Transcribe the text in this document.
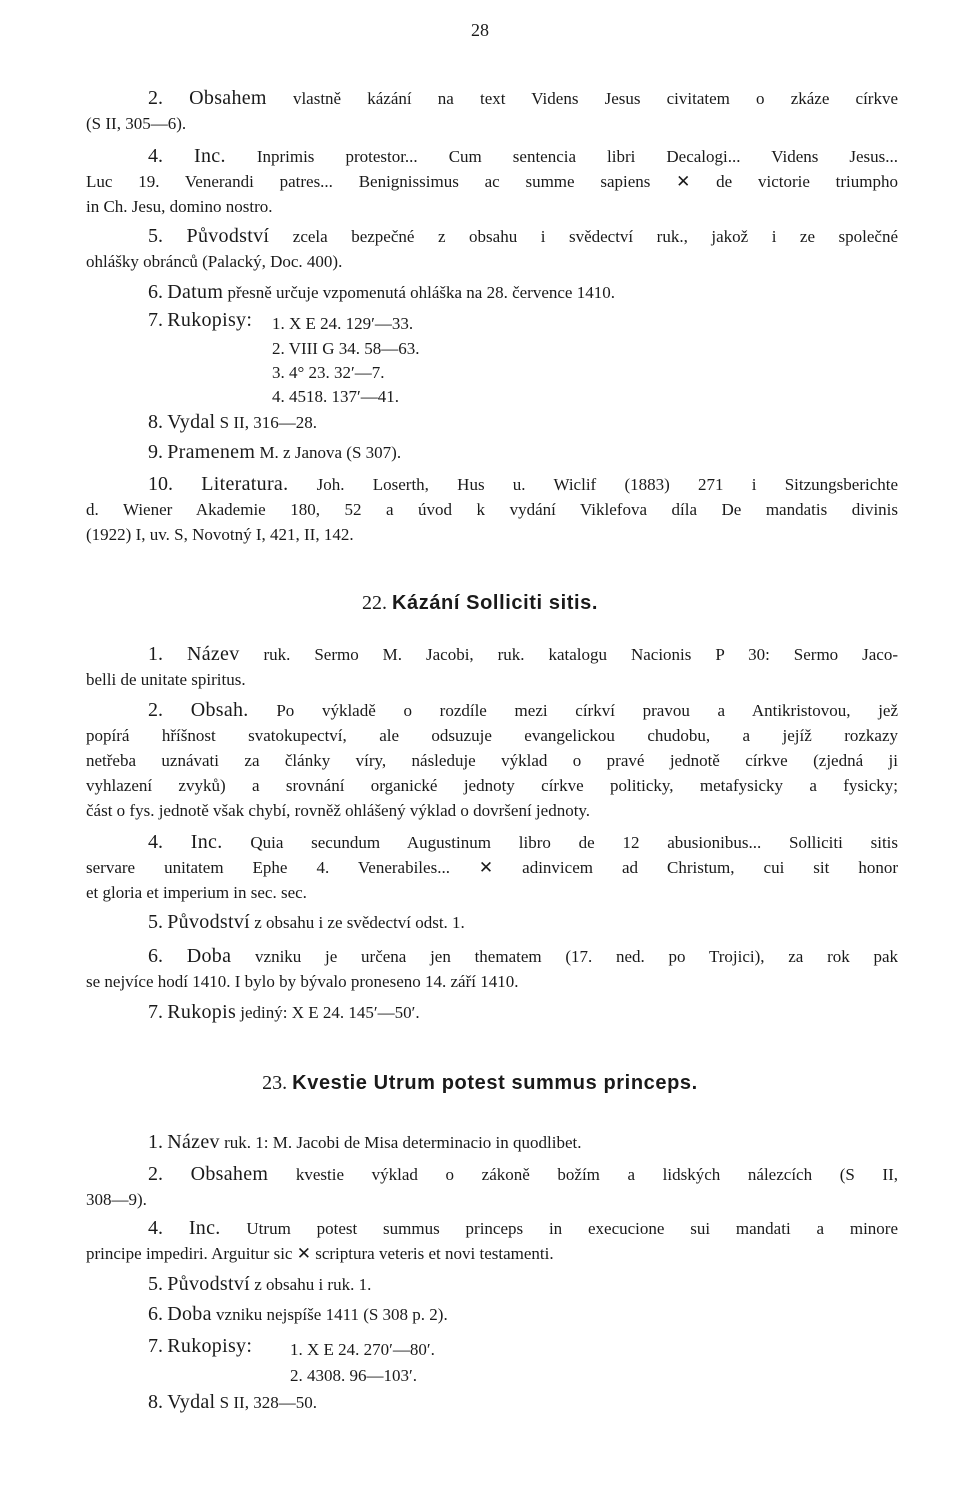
28
2. Obsahem vlastně kázání na text Videns Jesus civitatem o zkáze církve
(S II, 305—6).
4. Inc. Inprimis protestor... Cum sentencia libri Decalogi... Videns Jesus...
Luc 19. Venerandi patres... Benignissimus ac summe sapiens ✕ de victorie triumpho
in Ch. Jesu, domino nostro.
5. Původství zcela bezpečné z obsahu i svědectví ruk., jakož i ze společné
ohlášky obránců (Palacký, Doc. 400).
6. Datum přesně určuje vzpomenutá ohláška na 28. července 1410.
7. Rukopisy:	1. X E 24. 129′—33.
2. VIII G 34. 58—63.
3. 4° 23. 32′—7.
4. 4518. 137′—41.
8. Vydal S II, 316—28.
9. Pramenem M. z Janova (S 307).
10. Literatura. Joh. Loserth, Hus u. Wiclif (1883) 271 i Sitzungsberichte
d. Wiener Akademie 180, 52 a úvod k vydání Viklefova díla De mandatis divinis
(1922) I, uv. S, Novotný I, 421, II, 142.
22. Kázání Solliciti sitis.
1. Název ruk. Sermo M. Jacobi, ruk. katalogu Nacionis P 30: Sermo Jaco-
belli de unitate spiritus.
2. Obsah. Po výkladě o rozdíle mezi církví pravou a Antikristovou, jež
popírá hříšnost svatokupectví, ale odsuzuje evangelickou chudobu, a jejíž rozkazy
netřeba uznávati za články víry, následuje výklad o pravé jednotě církve (zjedná ji
vyhlazení zvyků) a srovnání organické jednoty církve politicky, metafysicky a fysicky;
část o fys. jednotě však chybí, rovněž ohlášený výklad o dovršení jednoty.
4. Inc. Quia secundum Augustinum libro de 12 abusionibus... Solliciti sitis
servare unitatem Ephe 4. Venerabiles... ✕ adinvicem ad Christum, cui sit honor
et gloria et imperium in sec. sec.
5. Původství z obsahu i ze svědectví odst. 1.
6. Doba vzniku je určena jen thematem (17. ned. po Trojici), za rok pak
se nejvíce hodí 1410. I bylo by bývalo proneseno 14. září 1410.
7. Rukopis jediný: X E 24. 145′—50′.
23. Kvestie Utrum potest summus princeps.
1. Název ruk. 1: M. Jacobi de Misa determinacio in quodlibet.
2. Obsahem kvestie výklad o zákoně božím a lidských nálezcích (S II,
308—9).
4. Inc. Utrum potest summus princeps in execucione sui mandati a minore
principe impediri. Arguitur sic ✕ scriptura veteris et novi testamenti.
5. Původství z obsahu i ruk. 1.
6. Doba vzniku nejspíše 1411 (S 308 p. 2).
7. Rukopisy:	1. X E 24. 270′—80′.
2. 4308. 96—103′.
8. Vydal S II, 328—50.
